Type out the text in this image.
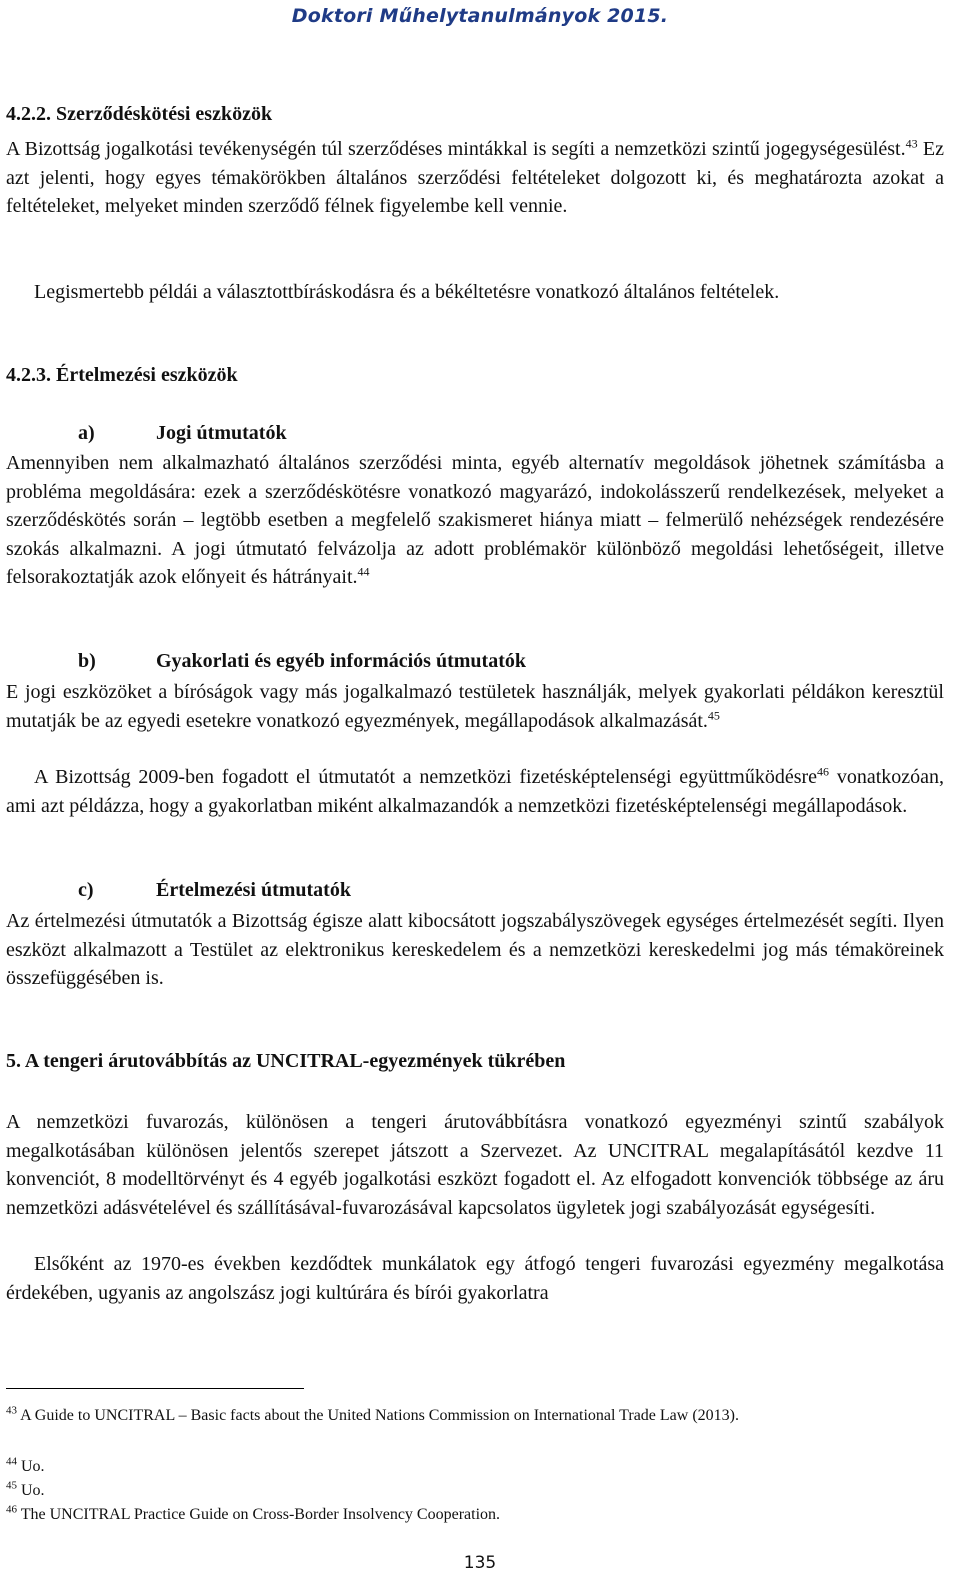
Doktori Műhelytanulmányok 2015.
4.2.2. Szerződéskötési eszközök

A Bizottság jogalkotási tevékenységén túl szerződéses mintákkal is segíti a nemzetközi szintű jogegységesülést.$^{43}$ Ez azt jelenti, hogy egyes témakörökben általános szerződési feltételeket dolgozott ki, és meghatározta azokat a feltételeket, melyeket minden szerződő félnek figyelembe kell vennie.

Legismertebb példái a választottbíráskodásra és a békéltetésre vonatkozó általános feltételek.

4.2.3. Értelmezési eszközök
a)	Jogi útmutatók

Amennyiben nem alkalmazható általános szerződési minta, egyéb alternatív megoldások jöhetnek számításba a probléma megoldására: ezek a szerződéskötésre vonatkozó magyarázó, indokolásszerű rendelkezések, melyeket a szerződéskötés során – legtöbb esetben a megfelelő szakismeret hiánya miatt – felmerülő nehézségek rendezésére szokás alkalmazni. A jogi útmutató felvázolja az adott problémakör különböző megoldási lehetőségeit, illetve felsorakoztatják azok előnyeit és hátrányait.$^{44}$

b)	Gyakorlati és egyéb információs útmutatók

E jogi eszközöket a bíróságok vagy más jogalkalmazó testületek használják, melyek gyakorlati példákon keresztül mutatják be az egyedi esetekre vonatkozó egyezmények, megállapodások alkalmazását.$^{45}$

A Bizottság 2009-ben fogadott el útmutatót a nemzetközi fizetésképtelenségi együttműködésre$^{46}$ vonatkozóan, ami azt példázza, hogy a gyakorlatban miként alkalmazandók a nemzetközi fizetésképtelenségi megállapodások.

c)	Értelmezési útmutatók

Az értelmezési útmutatók a Bizottság égisze alatt kibocsátott jogszabályszövegek egységes értelmezését segíti. Ilyen eszközt alkalmazott a Testület az elektronikus kereskedelem és a nemzetközi kereskedelmi jog más témaköreinek összefüggésében is.

5. A tengeri árutovábbítás az UNCITRAL-egyezmények tükrében

A nemzetközi fuvarozás, különösen a tengeri árutovábbításra vonatkozó egyezményi szintű szabályok megalkotásában különösen jelentős szerepet játszott a Szervezet. Az UNCITRAL megalapításától kezdve 11 konvenciót, 8 modelltörvényt és 4 egyéb jogalkotási eszközt fogadott el. Az elfogadott konvenciók többsége az áru nemzetközi adásvételével és szállításával-fuvarozásával kapcsolatos ügyletek jogi szabályozását egységesíti.

Elsőként az 1970-es években kezdődtek munkálatok egy átfogó tengeri fuvarozási egyezmény megalkotása érdekében, ugyanis az angolszász jogi kultúrára és bírói gyakorlatra

$^{43}$ A Guide to UNCITRAL – Basic facts about the United Nations Commission on International Trade Law (2013).
$^{44}$ Uo.
$^{45}$ Uo.
$^{46}$ The UNCITRAL Practice Guide on Cross-Border Insolvency Cooperation.
135
